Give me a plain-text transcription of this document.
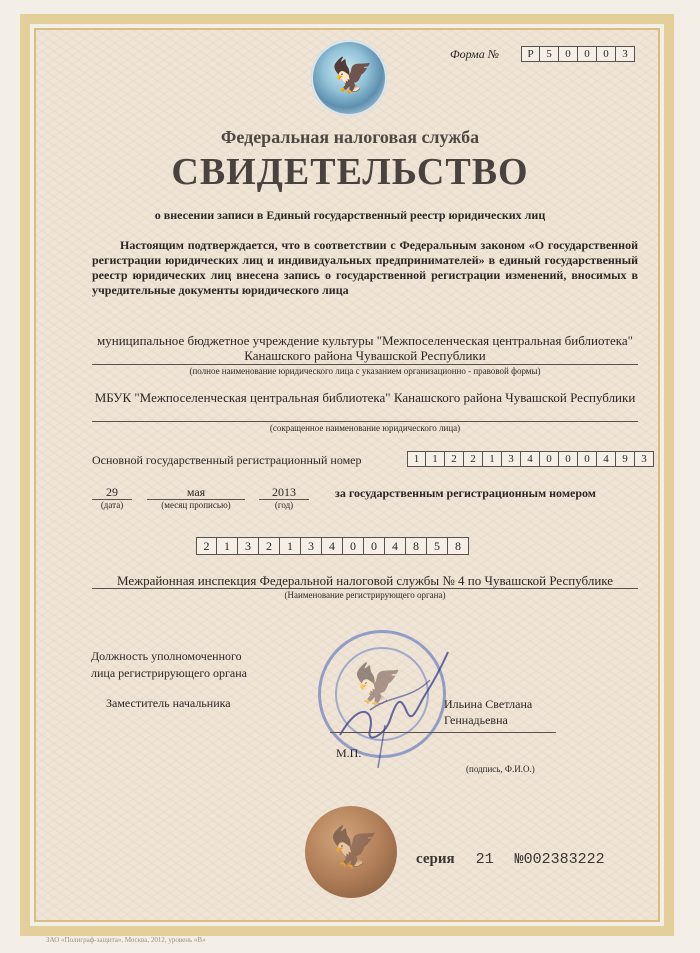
🦅
Форма №	Р	5	0	0	0	3
Федеральная налоговая служба
СВИДЕТЕЛЬСТВО
о внесении записи в Единый государственный реестр юридических лиц
Настоящим подтверждается, что в соответствии с Федеральным законом «О государственной регистрации юридических лиц и индивидуальных предпринимателей» в единый государственный реестр юридических лиц внесена запись о государственной регистрации изменений, вносимых в учредительные документы юридического лица
муниципальное бюджетное учреждение культуры "Межпоселенческая центральная библиотека" Канашского района Чувашской Республики
(полное наименование юридического лица с указанием организационно - правовой формы)
МБУК "Межпоселенческая центральная библиотека" Канашского района Чувашской Республики
(сокращенное наименование юридического лица)
Основной государственный регистрационный номер	1	1	2	2	1	3	4	0	0	0	4	9	3
29
(дата)
мая
(месяц прописью)
2013
(год)
за государственным регистрационным номером
2	1	3	2	1	3	4	0	0	4	8	5	8
Межрайонная инспекция Федеральной налоговой службы № 4 по Чувашской Республике
(Наименование регистрирующего органа)
Должность уполномоченного
лица регистрирующего органа
Заместитель начальника	🦅	Ильина Светлана
Геннадьевна
М.П.
(подпись, Ф.И.О.)
🦅 серия 21 №002383222
ЗАО «Полиграф-защита», Москва, 2012, уровень «В»
